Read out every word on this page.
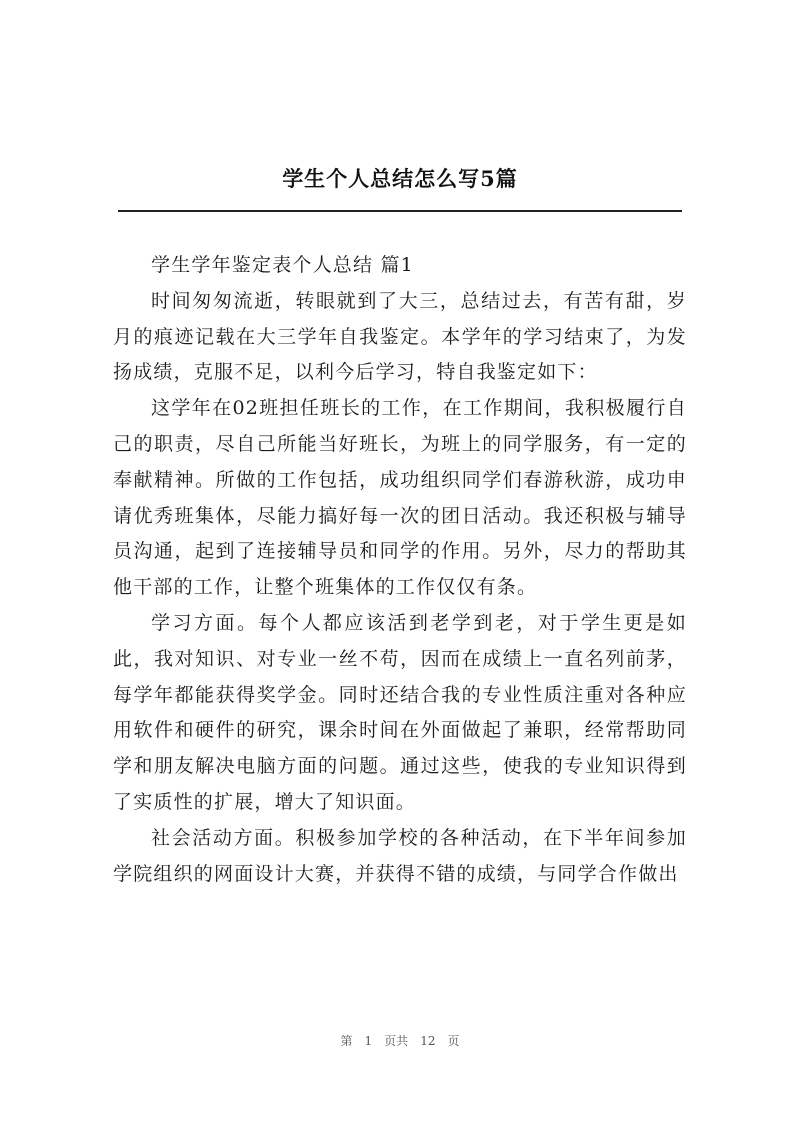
学生个人总结怎么写5篇

学生学年鉴定表个人总结 篇1

时间匆匆流逝，转眼就到了大三，总结过去，有苦有甜，岁月的痕迹记载在大三学年自我鉴定。本学年的学习结束了，为发扬成绩，克服不足，以利今后学习，特自我鉴定如下：

这学年在02班担任班长的工作，在工作期间，我积极履行自己的职责，尽自己所能当好班长，为班上的同学服务，有一定的奉献精神。所做的工作包括，成功组织同学们春游秋游，成功申请优秀班集体，尽能力搞好每一次的团日活动。我还积极与辅导员沟通，起到了连接辅导员和同学的作用。另外，尽力的帮助其他干部的工作，让整个班集体的工作仅仅有条。

学习方面。每个人都应该活到老学到老，对于学生更是如此，我对知识、对专业一丝不苟，因而在成绩上一直名列前茅，每学年都能获得奖学金。同时还结合我的专业性质注重对各种应用软件和硬件的研究，课余时间在外面做起了兼职，经常帮助同学和朋友解决电脑方面的问题。通过这些，使我的专业知识得到了实质性的扩展，增大了知识面。

社会活动方面。积极参加学校的各种活动，在下半年间参加学院组织的网面设计大赛，并获得不错的成绩，与同学合作做出

第 1 页共 12 页
